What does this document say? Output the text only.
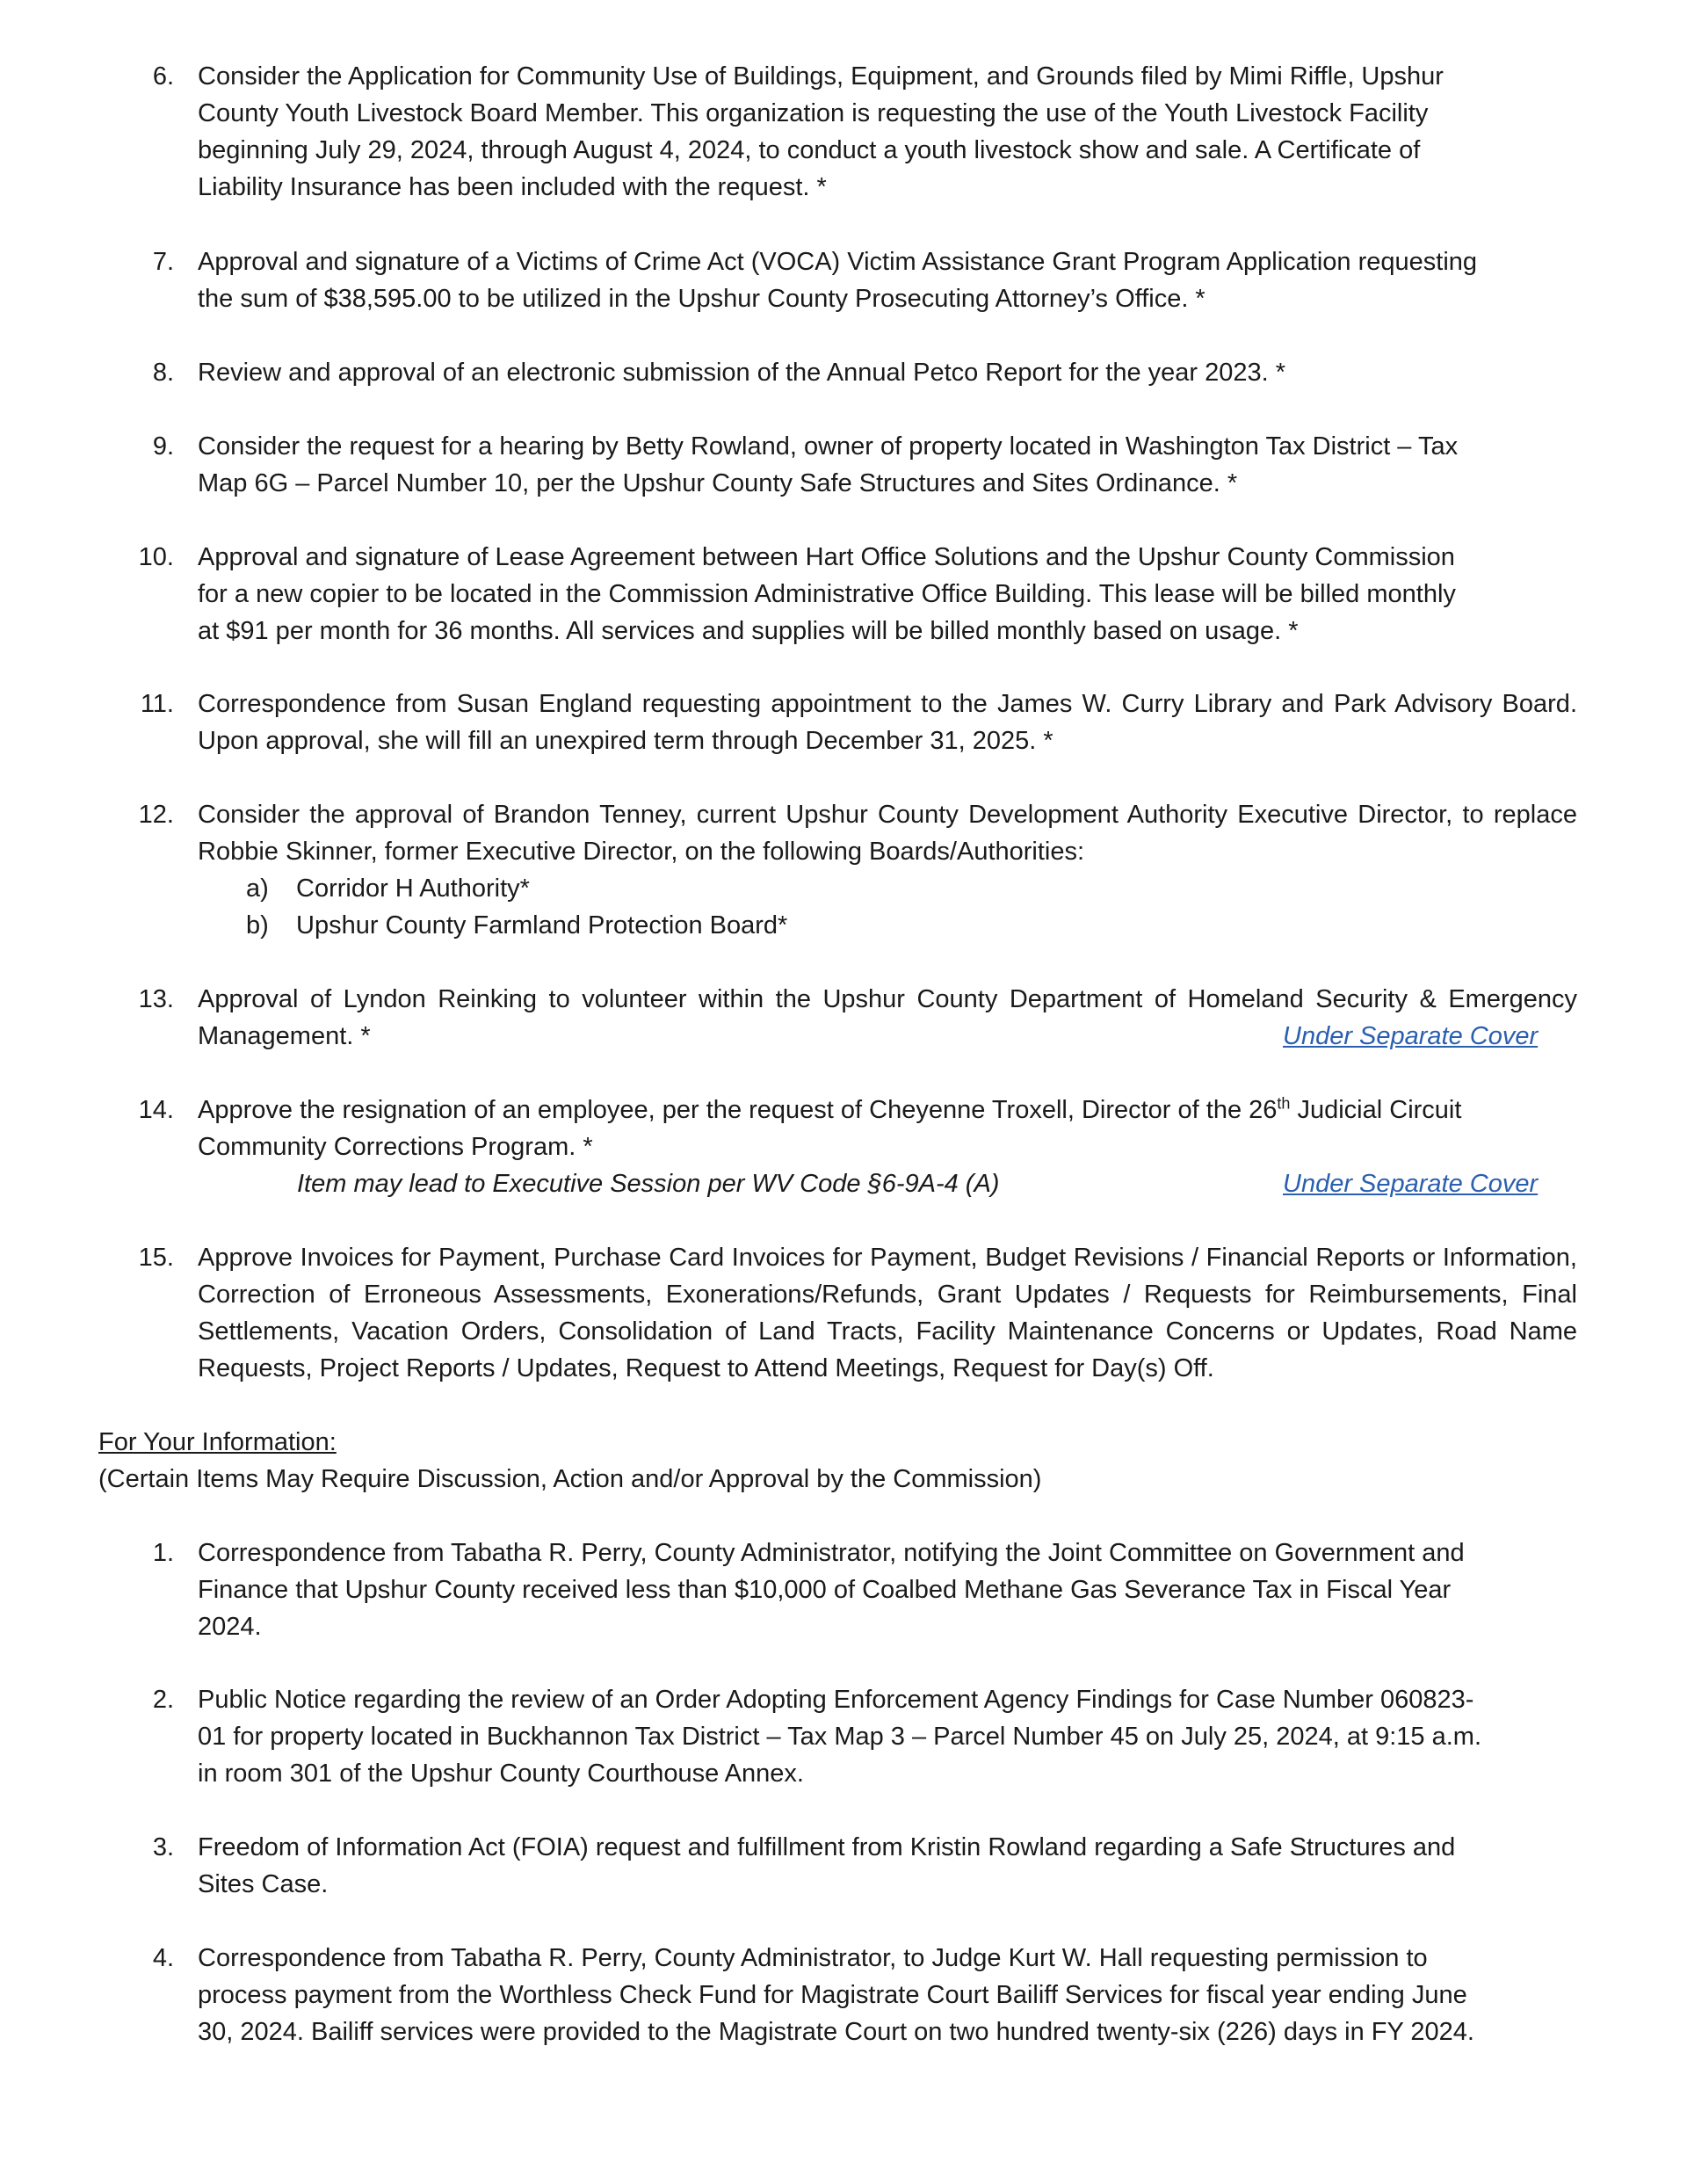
6. Consider the Application for Community Use of Buildings, Equipment, and Grounds filed by Mimi Riffle, Upshur
County Youth Livestock Board Member. This organization is requesting the use of the Youth Livestock Facility
beginning July 29, 2024, through August 4, 2024, to conduct a youth livestock show and sale. A Certificate of
Liability Insurance has been included with the request. *
7. Approval and signature of a Victims of Crime Act (VOCA) Victim Assistance Grant Program Application requesting
the sum of $38,595.00 to be utilized in the Upshur County Prosecuting Attorney’s Office. *
8. Review and approval of an electronic submission of the Annual Petco Report for the year 2023. *
9. Consider the request for a hearing by Betty Rowland, owner of property located in Washington Tax District – Tax
Map 6G – Parcel Number 10, per the Upshur County Safe Structures and Sites Ordinance. *
10. Approval and signature of Lease Agreement between Hart Office Solutions and the Upshur County Commission
for a new copier to be located in the Commission Administrative Office Building. This lease will be billed monthly
at $91 per month for 36 months. All services and supplies will be billed monthly based on usage. *
11. Correspondence from Susan England requesting appointment to the James W. Curry Library and Park Advisory Board. Upon approval, she will fill an unexpired term through December 31, 2025. *
12. Consider the approval of Brandon Tenney, current Upshur County Development Authority Executive Director, to replace Robbie Skinner, former Executive Director, on the following Boards/Authorities:
a) Corridor H Authority*
b) Upshur County Farmland Protection Board*
13. Approval of Lyndon Reinking to volunteer within the Upshur County Department of Homeland Security & Emergency Management. *	Under Separate Cover
14. Approve the resignation of an employee, per the request of Cheyenne Troxell, Director of the 26th Judicial Circuit
Community Corrections Program. *
Item may lead to Executive Session per WV Code §6-9A-4 (A)	Under Separate Cover
15. Approve Invoices for Payment, Purchase Card Invoices for Payment, Budget Revisions / Financial Reports or Information, Correction of Erroneous Assessments, Exonerations/Refunds, Grant Updates / Requests for Reimbursements, Final Settlements, Vacation Orders, Consolidation of Land Tracts, Facility Maintenance Concerns or Updates, Road Name Requests, Project Reports / Updates, Request to Attend Meetings, Request for Day(s) Off.
For Your Information:
(Certain Items May Require Discussion, Action and/or Approval by the Commission)
1. Correspondence from Tabatha R. Perry, County Administrator, notifying the Joint Committee on Government and
Finance that Upshur County received less than $10,000 of Coalbed Methane Gas Severance Tax in Fiscal Year
2024.
2. Public Notice regarding the review of an Order Adopting Enforcement Agency Findings for Case Number 060823-
01 for property located in Buckhannon Tax District – Tax Map 3 – Parcel Number 45 on July 25, 2024, at 9:15 a.m.
in room 301 of the Upshur County Courthouse Annex.
3. Freedom of Information Act (FOIA) request and fulfillment from Kristin Rowland regarding a Safe Structures and
Sites Case.
4. Correspondence from Tabatha R. Perry, County Administrator, to Judge Kurt W. Hall requesting permission to
process payment from the Worthless Check Fund for Magistrate Court Bailiff Services for fiscal year ending June
30, 2024. Bailiff services were provided to the Magistrate Court on two hundred twenty-six (226) days in FY 2024.
